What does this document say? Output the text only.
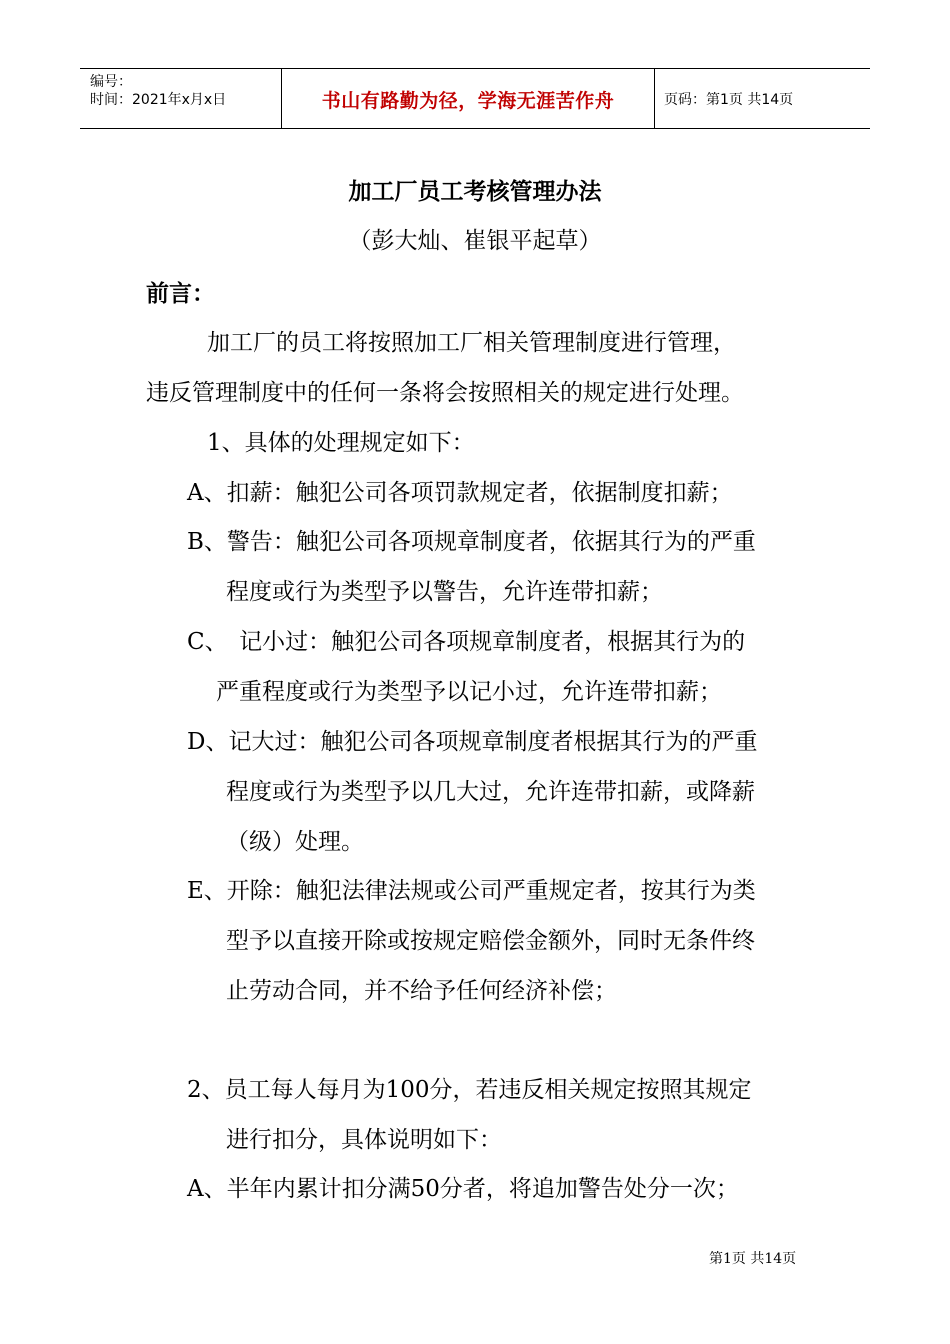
编号：
时间：2021年x月x日	书山有路勤为径，学海无涯苦作舟	页码：第1页 共14页
加工厂员工考核管理办法
（彭大灿、崔银平起草）
前言：
加工厂的员工将按照加工厂相关管理制度进行管理，
违反管理制度中的任何一条将会按照相关的规定进行处理。
1、具体的处理规定如下：
A、扣薪：触犯公司各项罚款规定者，依据制度扣薪；
B、警告：触犯公司各项规章制度者，依据其行为的严重
程度或行为类型予以警告，允许连带扣薪；
C、　记小过：触犯公司各项规章制度者，根据其行为的
严重程度或行为类型予以记小过，允许连带扣薪；
D、记大过：触犯公司各项规章制度者根据其行为的严重
程度或行为类型予以几大过，允许连带扣薪，或降薪
（级）处理。
E、开除：触犯法律法规或公司严重规定者，按其行为类
型予以直接开除或按规定赔偿金额外，同时无条件终
止劳动合同，并不给予任何经济补偿；
2、员工每人每月为100分，若违反相关规定按照其规定
进行扣分，具体说明如下：
A、半年内累计扣分满50分者，将追加警告处分一次；
第1页 共14页
